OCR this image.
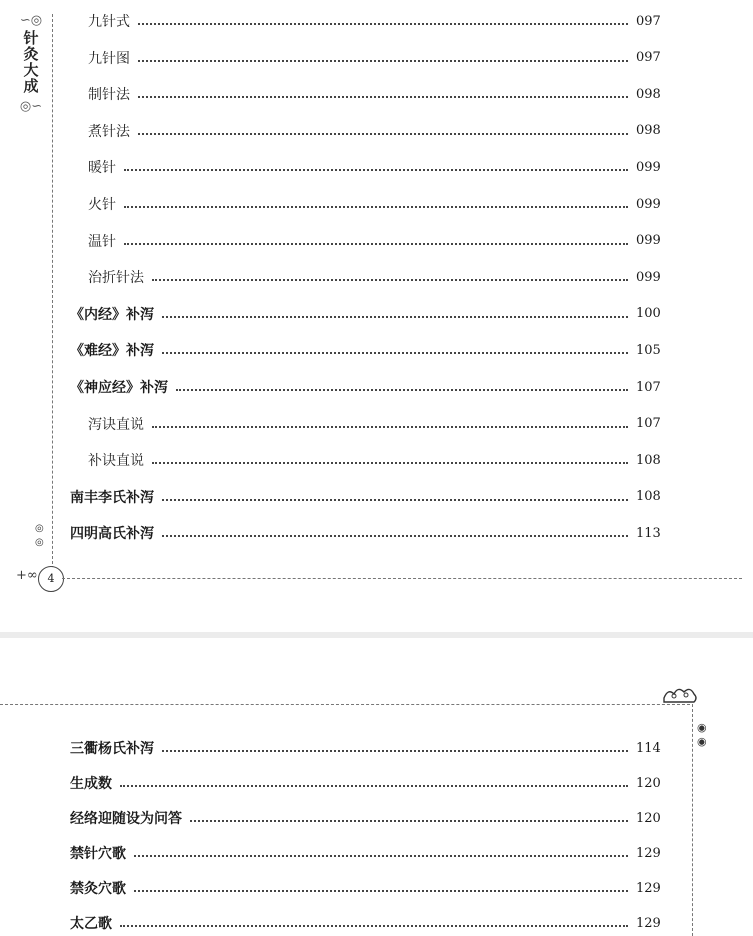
∽◎
针灸大成
◎∽
◎
◎
+∞ 4
九针式	097
九针图	097
制针法	098
煮针法	098
暖针	099
火针	099
温针	099
治折针法	099
《内经》补泻	100
《难经》补泻	105
《神应经》补泻	107
泻诀直说	107
补诀直说	108
南丰李氏补泻	108
四明高氏补泻	113
◉
◉
三衢杨氏补泻	114
生成数	120
经络迎随设为问答	120
禁针穴歌	129
禁灸穴歌	129
太乙歌	129
